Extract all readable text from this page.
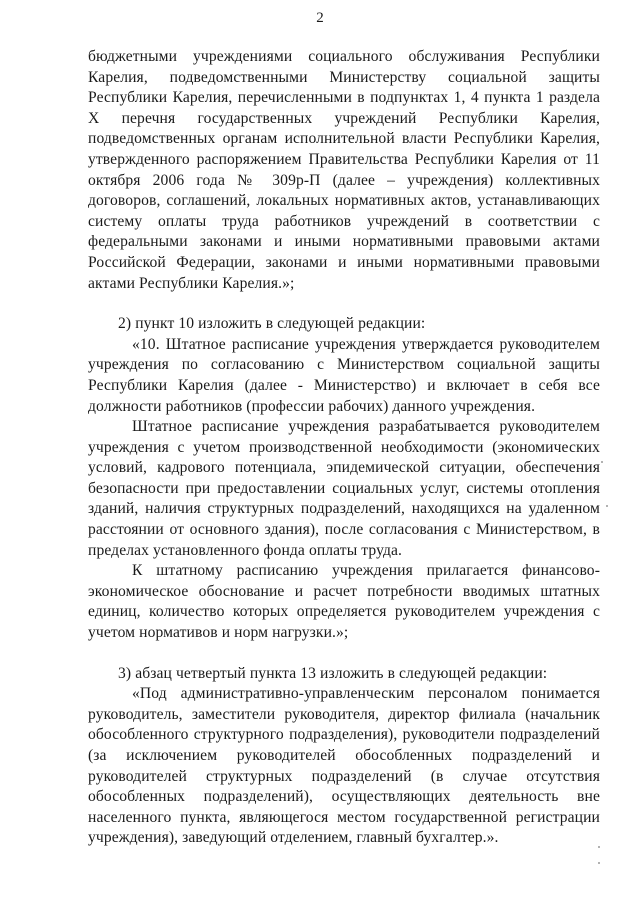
2

бюджетными учреждениями социального обслуживания Республики Карелия, подведомственными Министерству социальной защиты Республики Карелия, перечисленными в подпунктах 1, 4 пункта 1 раздела X перечня государственных учреждений Республики Карелия, подведомственных органам исполнительной власти Республики Карелия, утвержденного распоряжением Правительства Республики Карелия от 11 октября 2006 года № 309р-П (далее – учреждения) коллективных договоров, соглашений, локальных нормативных актов, устанавливающих систему оплаты труда работников учреждений в соответствии с федеральными законами и иными нормативными правовыми актами Российской Федерации, законами и иными нормативными правовыми актами Республики Карелия.»;

2) пункт 10 изложить в следующей редакции:

«10. Штатное расписание учреждения утверждается руководителем учреждения по согласованию с Министерством социальной защиты Республики Карелия (далее - Министерство) и включает в себя все должности работников (профессии рабочих) данного учреждения.

Штатное расписание учреждения разрабатывается руководителем учреждения с учетом производственной необходимости (экономических условий, кадрового потенциала, эпидемической ситуации, обеспечения безопасности при предоставлении социальных услуг, системы отопления зданий, наличия структурных подразделений, находящихся на удаленном расстоянии от основного здания), после согласования с Министерством, в пределах установленного фонда оплаты труда.

К штатному расписанию учреждения прилагается финансово-экономическое обоснование и расчет потребности вводимых штатных единиц, количество которых определяется руководителем учреждения с учетом нормативов и норм нагрузки.»;

3) абзац четвертый пункта 13 изложить в следующей редакции:

«Под административно-управленческим персоналом понимается руководитель, заместители руководителя, директор филиала (начальник обособленного структурного подразделения), руководители подразделений (за исключением руководителей обособленных подразделений и руководителей структурных подразделений (в случае отсутствия обособленных подразделений), осуществляющих деятельность вне населенного пункта, являющегося местом государственной регистрации учреждения), заведующий отделением, главный бухгалтер.».
